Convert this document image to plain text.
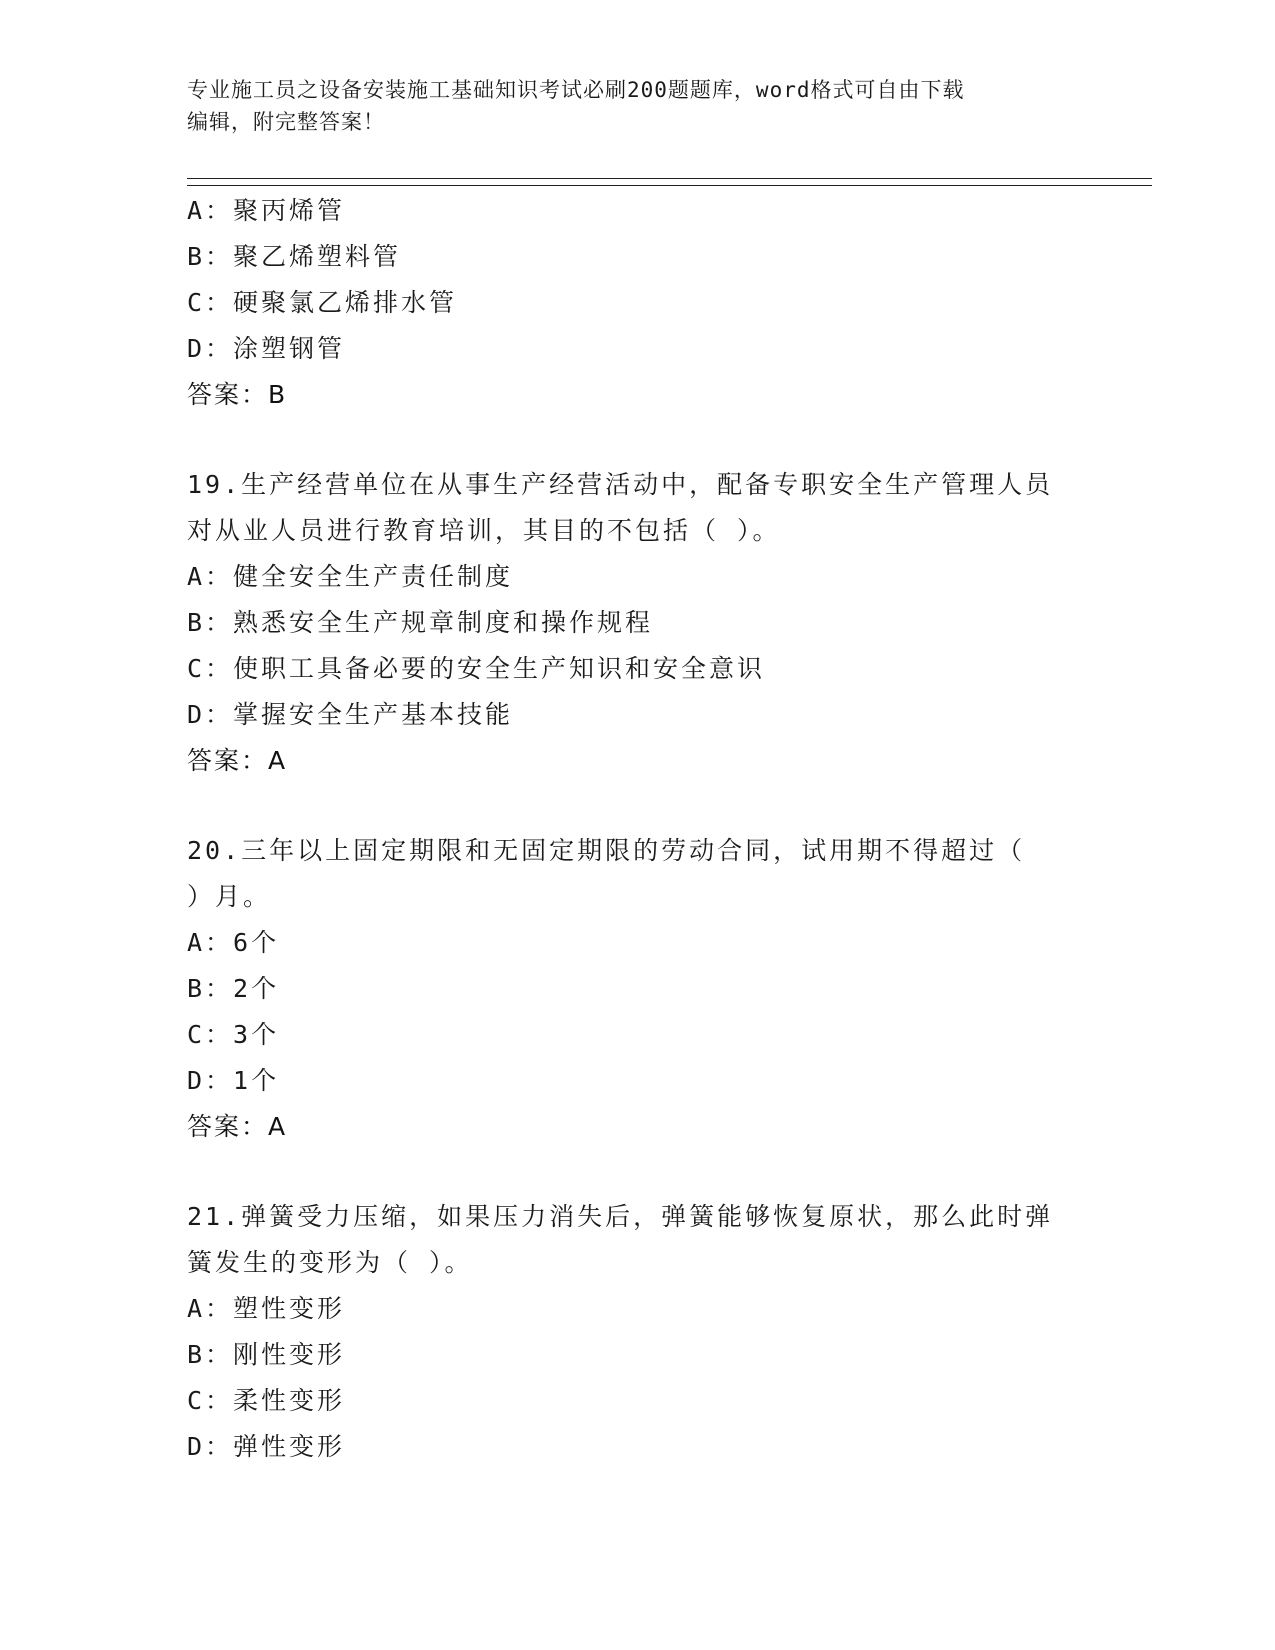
专业施工员之设备安装施工基础知识考试必刷200题题库，word格式可自由下载
编辑，附完整答案！
A：聚丙烯管
B：聚乙烯塑料管
C：硬聚氯乙烯排水管
D：涂塑钢管
答案：B
19.生产经营单位在从事生产经营活动中，配备专职安全生产管理人员
对从业人员进行教育培训，其目的不包括（ ）。
A：健全安全生产责任制度
B：熟悉安全生产规章制度和操作规程
C：使职工具备必要的安全生产知识和安全意识
D：掌握安全生产基本技能
答案：A
20.三年以上固定期限和无固定期限的劳动合同，试用期不得超过（
）月。
A：6个
B：2个
C：3个
D：1个
答案：A
21.弹簧受力压缩，如果压力消失后，弹簧能够恢复原状，那么此时弹
簧发生的变形为（ ）。
A：塑性变形
B：刚性变形
C：柔性变形
D：弹性变形
